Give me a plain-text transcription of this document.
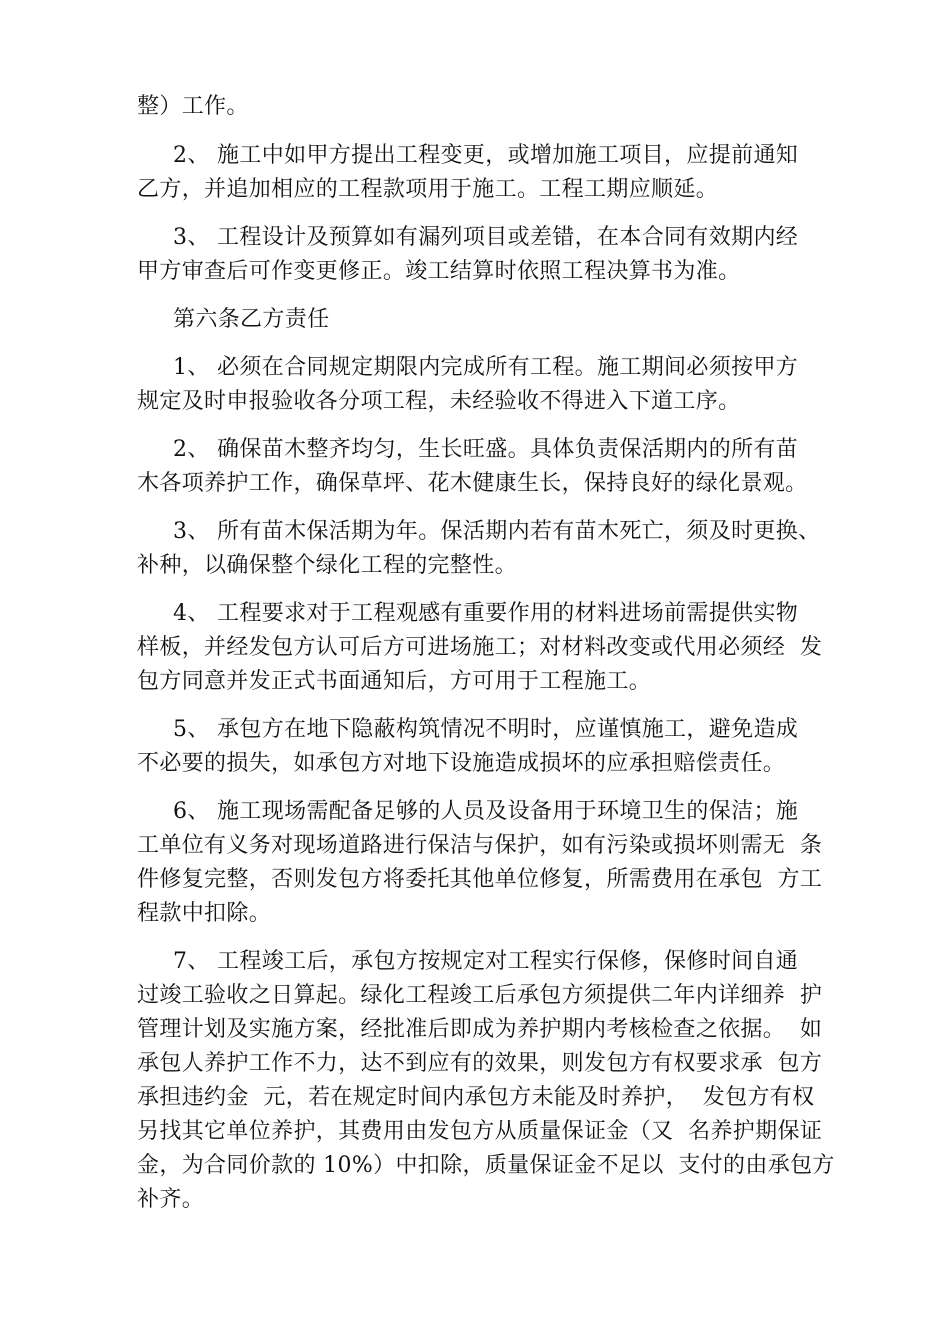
整）工作。
2、 施工中如甲方提出工程变更，或增加施工项目，应提前通知
乙方，并追加相应的工程款项用于施工。工程工期应顺延。
3、 工程设计及预算如有漏列项目或差错，在本合同有效期内经
甲方审查后可作变更修正。竣工结算时依照工程决算书为准。
第六条乙方责任
1、 必须在合同规定期限内完成所有工程。施工期间必须按甲方
规定及时申报验收各分项工程，未经验收不得进入下道工序。
2、 确保苗木整齐均匀，生长旺盛。具体负责保活期内的所有苗
木各项养护工作，确保草坪、花木健康生长，保持良好的绿化景观。
3、 所有苗木保活期为年。保活期内若有苗木死亡，须及时更换、
补种，以确保整个绿化工程的完整性。
4、 工程要求对于工程观感有重要作用的材料进场前需提供实物
样板，并经发包方认可后方可进场施工；对材料改变或代用必须经  发
包方同意并发正式书面通知后，方可用于工程施工。
5、 承包方在地下隐蔽构筑情况不明时，应谨慎施工，避免造成
不必要的损失，如承包方对地下设施造成损坏的应承担赔偿责任。
6、 施工现场需配备足够的人员及设备用于环境卫生的保洁；施
工单位有义务对现场道路进行保洁与保护，如有污染或损坏则需无  条
件修复完整，否则发包方将委托其他单位修复，所需费用在承包  方工
程款中扣除。
7、 工程竣工后，承包方按规定对工程实行保修，保修时间自通
过竣工验收之日算起。绿化工程竣工后承包方须提供二年内详细养  护
管理计划及实施方案，经批准后即成为养护期内考核检查之依据。  如
承包人养护工作不力，达不到应有的效果，则发包方有权要求承  包方
承担违约金  元，若在规定时间内承包方未能及时养护，  发包方有权
另找其它单位养护，其费用由发包方从质量保证金（又  名养护期保证
金，为合同价款的 10%）中扣除，质量保证金不足以  支付的由承包方
补齐。
